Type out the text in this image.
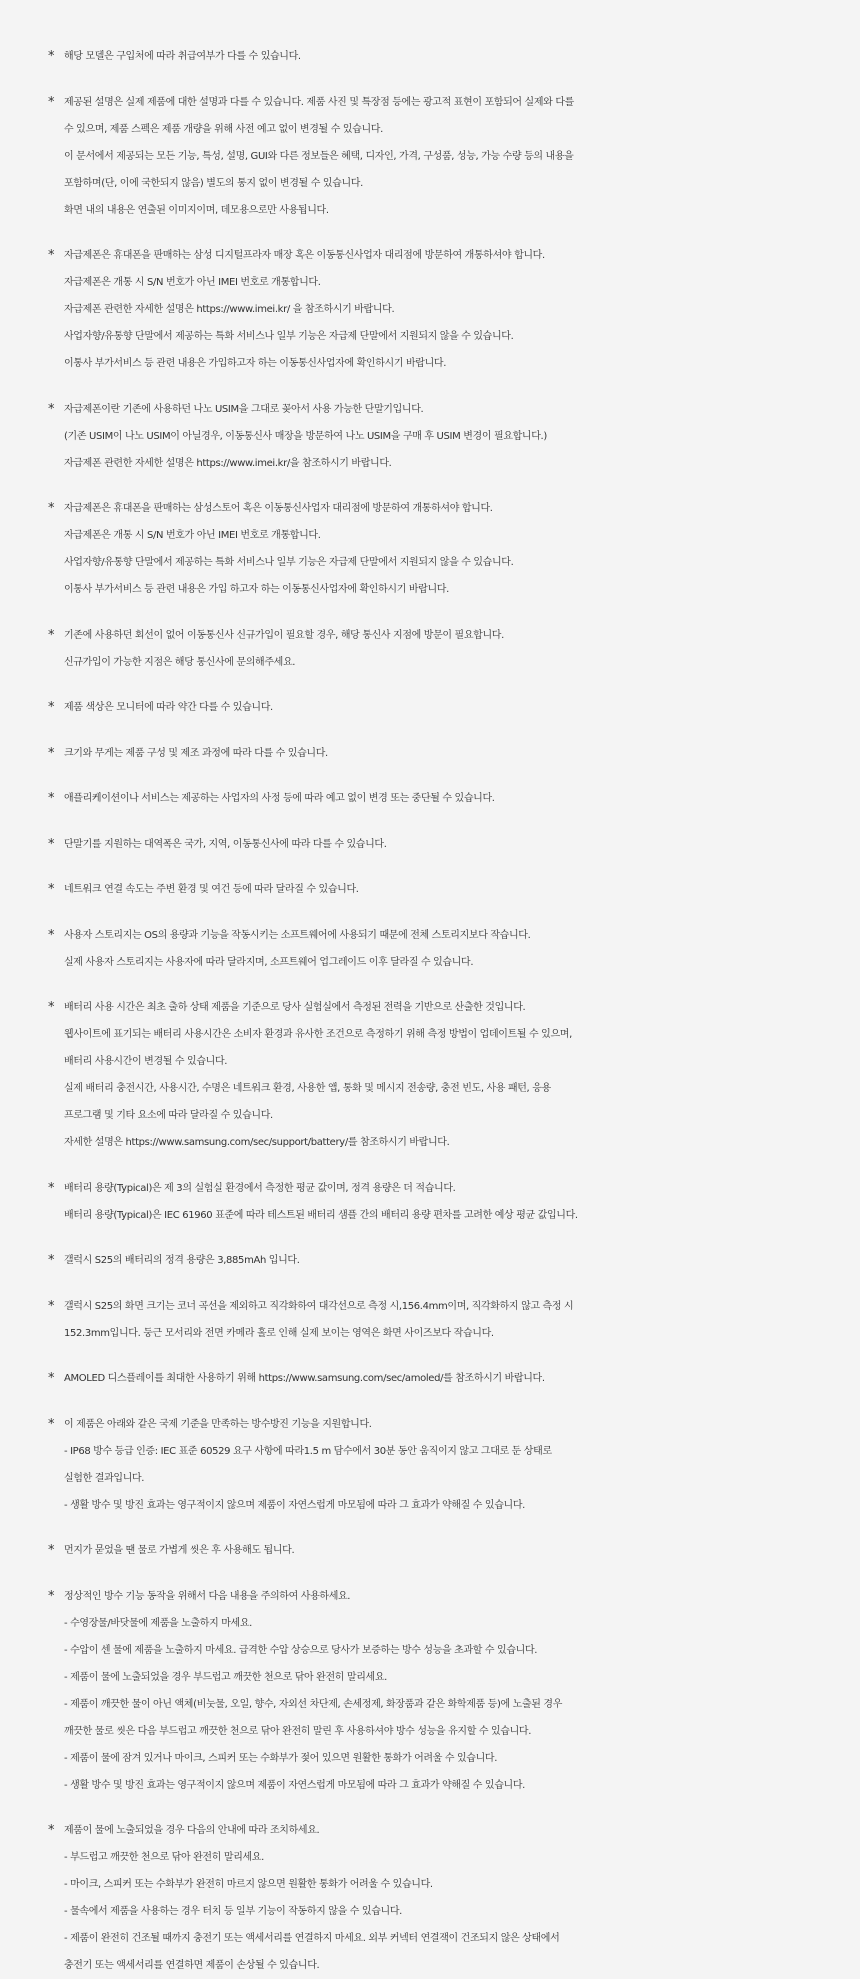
* 해당 모델은 구입처에 따라 취급여부가 다를 수 있습니다.
* 제공된 설명은 실제 제품에 대한 설명과 다를 수 있습니다. 제품 사진 및 특장점 등에는 광고적 표현이 포함되어 실제와 다를
수 있으며, 제품 스펙은 제품 개량을 위해 사전 예고 없이 변경될 수 있습니다.
이 문서에서 제공되는 모든 기능, 특성, 설명, GUI와 다른 정보들은 혜택, 디자인, 가격, 구성품, 성능, 가능 수량 등의 내용을
포함하며(단, 이에 국한되지 않음) 별도의 통지 없이 변경될 수 있습니다.
화면 내의 내용은 연출된 이미지이며, 데모용으로만 사용됩니다.
* 자급제폰은 휴대폰을 판매하는 삼성 디지털프라자 매장 혹은 이동통신사업자 대리점에 방문하여 개통하셔야 합니다.
자급제폰은 개통 시 S/N 번호가 아닌 IMEI 번호로 개통합니다.
자급제폰 관련한 자세한 설명은 https://www.imei.kr/ 을 참조하시기 바랍니다.
사업자향/유통향 단말에서 제공하는 특화 서비스나 일부 기능은 자급제 단말에서 지원되지 않을 수 있습니다.
이통사 부가서비스 등 관련 내용은 가입하고자 하는 이동통신사업자에 확인하시기 바랍니다.
* 자급제폰이란 기존에 사용하던 나노 USIM을 그대로 꽂아서 사용 가능한 단말기입니다.
(기존 USIM이 나노 USIM이 아닐경우, 이동통신사 매장을 방문하여 나노 USIM을 구매 후 USIM 변경이 필요합니다.)
자급제폰 관련한 자세한 설명은 https://www.imei.kr/을 참조하시기 바랍니다.
* 자급제폰은 휴대폰을 판매하는 삼성스토어 혹은 이동통신사업자 대리점에 방문하여 개통하셔야 합니다.
자급제폰은 개통 시 S/N 번호가 아닌 IMEI 번호로 개통합니다.
사업자향/유통향 단말에서 제공하는 특화 서비스나 일부 기능은 자급제 단말에서 지원되지 않을 수 있습니다.
이통사 부가서비스 등 관련 내용은 가입 하고자 하는 이동통신사업자에 확인하시기 바랍니다.
* 기존에 사용하던 회선이 없어 이동통신사 신규가입이 필요할 경우, 해당 통신사 지점에 방문이 필요합니다.
신규가입이 가능한 지점은 해당 통신사에 문의해주세요.
* 제품 색상은 모니터에 따라 약간 다를 수 있습니다.
* 크기와 무게는 제품 구성 및 제조 과정에 따라 다를 수 있습니다.
* 애플리케이션이나 서비스는 제공하는 사업자의 사정 등에 따라 예고 없이 변경 또는 중단될 수 있습니다.
* 단말기를 지원하는 대역폭은 국가, 지역, 이동통신사에 따라 다를 수 있습니다.
* 네트워크 연결 속도는 주변 환경 및 여건 등에 따라 달라질 수 있습니다.
* 사용자 스토리지는 OS의 용량과 기능을 작동시키는 소프트웨어에 사용되기 때문에 전체 스토리지보다 작습니다.
실제 사용자 스토리지는 사용자에 따라 달라지며, 소프트웨어 업그레이드 이후 달라질 수 있습니다.
* 배터리 사용 시간은 최초 출하 상태 제품을 기준으로 당사 실험실에서 측정된 전력을 기반으로 산출한 것입니다.
웹사이트에 표기되는 배터리 사용시간은 소비자 환경과 유사한 조건으로 측정하기 위해 측정 방법이 업데이트될 수 있으며,
배터리 사용시간이 변경될 수 있습니다.
실제 배터리 충전시간, 사용시간, 수명은 네트워크 환경, 사용한 앱, 통화 및 메시지 전송량, 충전 빈도, 사용 패턴, 응용
프로그램 및 기타 요소에 따라 달라질 수 있습니다.
자세한 설명은 https://www.samsung.com/sec/support/battery/를 참조하시기 바랍니다.
* 배터리 용량(Typical)은 제 3의 실험실 환경에서 측정한 평균 값이며, 정격 용량은 더 적습니다.
배터리 용량(Typical)은 IEC 61960 표준에 따라 테스트된 배터리 샘플 간의 배터리 용량 편차를 고려한 예상 평균 값입니다.
* 갤럭시 S25의 배터리의 정격 용량은 3,885mAh 입니다.
* 갤럭시 S25의 화면 크기는 코너 곡선을 제외하고 직각화하여 대각선으로 측정 시,156.4mm이며, 직각화하지 않고 측정 시
152.3mm입니다. 둥근 모서리와 전면 카메라 홀로 인해 실제 보이는 영역은 화면 사이즈보다 작습니다.
* AMOLED 디스플레이를 최대한 사용하기 위해 https://www.samsung.com/sec/amoled/를 참조하시기 바랍니다.
* 이 제품은 아래와 같은 국제 기준을 만족하는 방수방진 기능을 지원합니다.
- IP68 방수 등급 인증: IEC 표준 60529 요구 사항에 따라1.5 m 담수에서 30분 동안 움직이지 않고 그대로 둔 상태로
실험한 결과입니다.
- 생활 방수 및 방진 효과는 영구적이지 않으며 제품이 자연스럽게 마모됨에 따라 그 효과가 약해질 수 있습니다.
* 먼지가 묻었을 땐 물로 가볍게 씻은 후 사용해도 됩니다.
* 정상적인 방수 기능 동작을 위해서 다음 내용을 주의하여 사용하세요.
- 수영장물/바닷물에 제품을 노출하지 마세요.
- 수압이 센 물에 제품을 노출하지 마세요. 급격한 수압 상승으로 당사가 보증하는 방수 성능을 초과할 수 있습니다.
- 제품이 물에 노출되었을 경우 부드럽고 깨끗한 천으로 닦아 완전히 말리세요.
- 제품이 깨끗한 물이 아닌 액체(비눗물, 오일, 향수, 자외선 차단제, 손세정제, 화장품과 같은 화학제품 등)에 노출된 경우
깨끗한 물로 씻은 다음 부드럽고 깨끗한 천으로 닦아 완전히 말린 후 사용하셔야 방수 성능을 유지할 수 있습니다.
- 제품이 물에 잠겨 있거나 마이크, 스피커 또는 수화부가 젖어 있으면 원활한 통화가 어려울 수 있습니다.
- 생활 방수 및 방진 효과는 영구적이지 않으며 제품이 자연스럽게 마모됨에 따라 그 효과가 약해질 수 있습니다.
* 제품이 물에 노출되었을 경우 다음의 안내에 따라 조치하세요.
- 부드럽고 깨끗한 천으로 닦아 완전히 말리세요.
- 마이크, 스피커 또는 수화부가 완전히 마르지 않으면 원활한 통화가 어려울 수 있습니다.
- 물속에서 제품을 사용하는 경우 터치 등 일부 기능이 작동하지 않을 수 있습니다.
- 제품이 완전히 건조될 때까지 충전기 또는 액세서리를 연결하지 마세요. 외부 커넥터 연결잭이 건조되지 않은 상태에서
충전기 또는 액세서리를 연결하면 제품이 손상될 수 있습니다.
